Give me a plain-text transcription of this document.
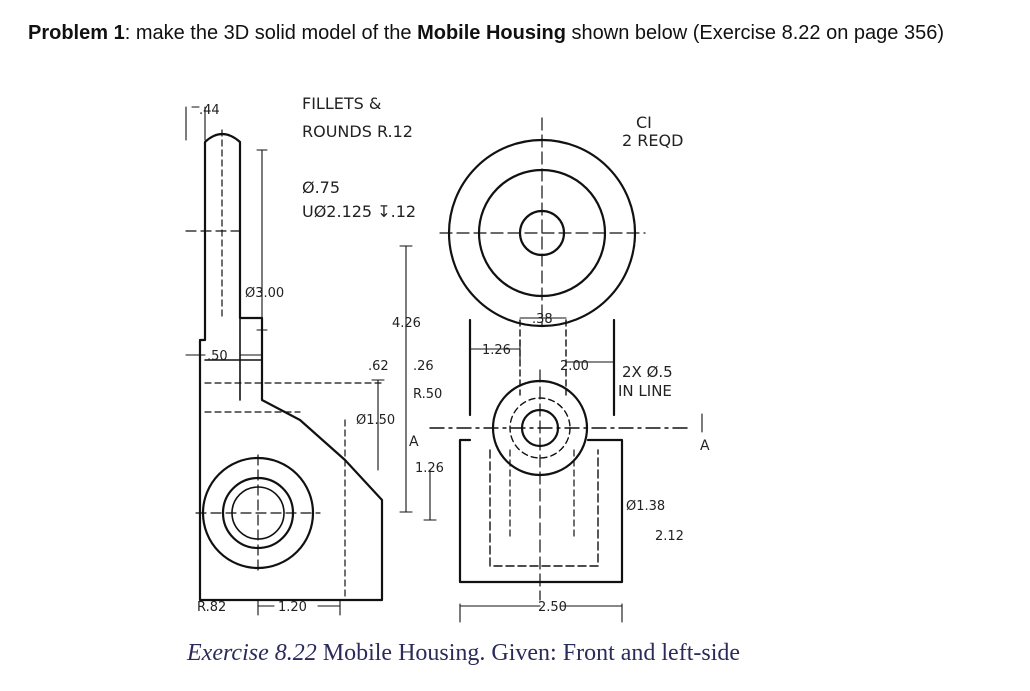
Problem 1: make the 3D solid model of the Mobile Housing shown below (Exercise 8.22 on page 356)
.44	FILLETS &
ROUNDS R.12	CI
2 REQD
Ø.75
UØ2.125 ↧.12
Ø3.00
4.26	.38
.50	1.26
.62 .26	2.00 2X Ø.5
IN LINE
R.50
Ø1.50
A	A
1.26
Ø1.38
2.12
R.82	1.20	2.50
Exercise 8.22 Mobile Housing. Given: Front and left-side
